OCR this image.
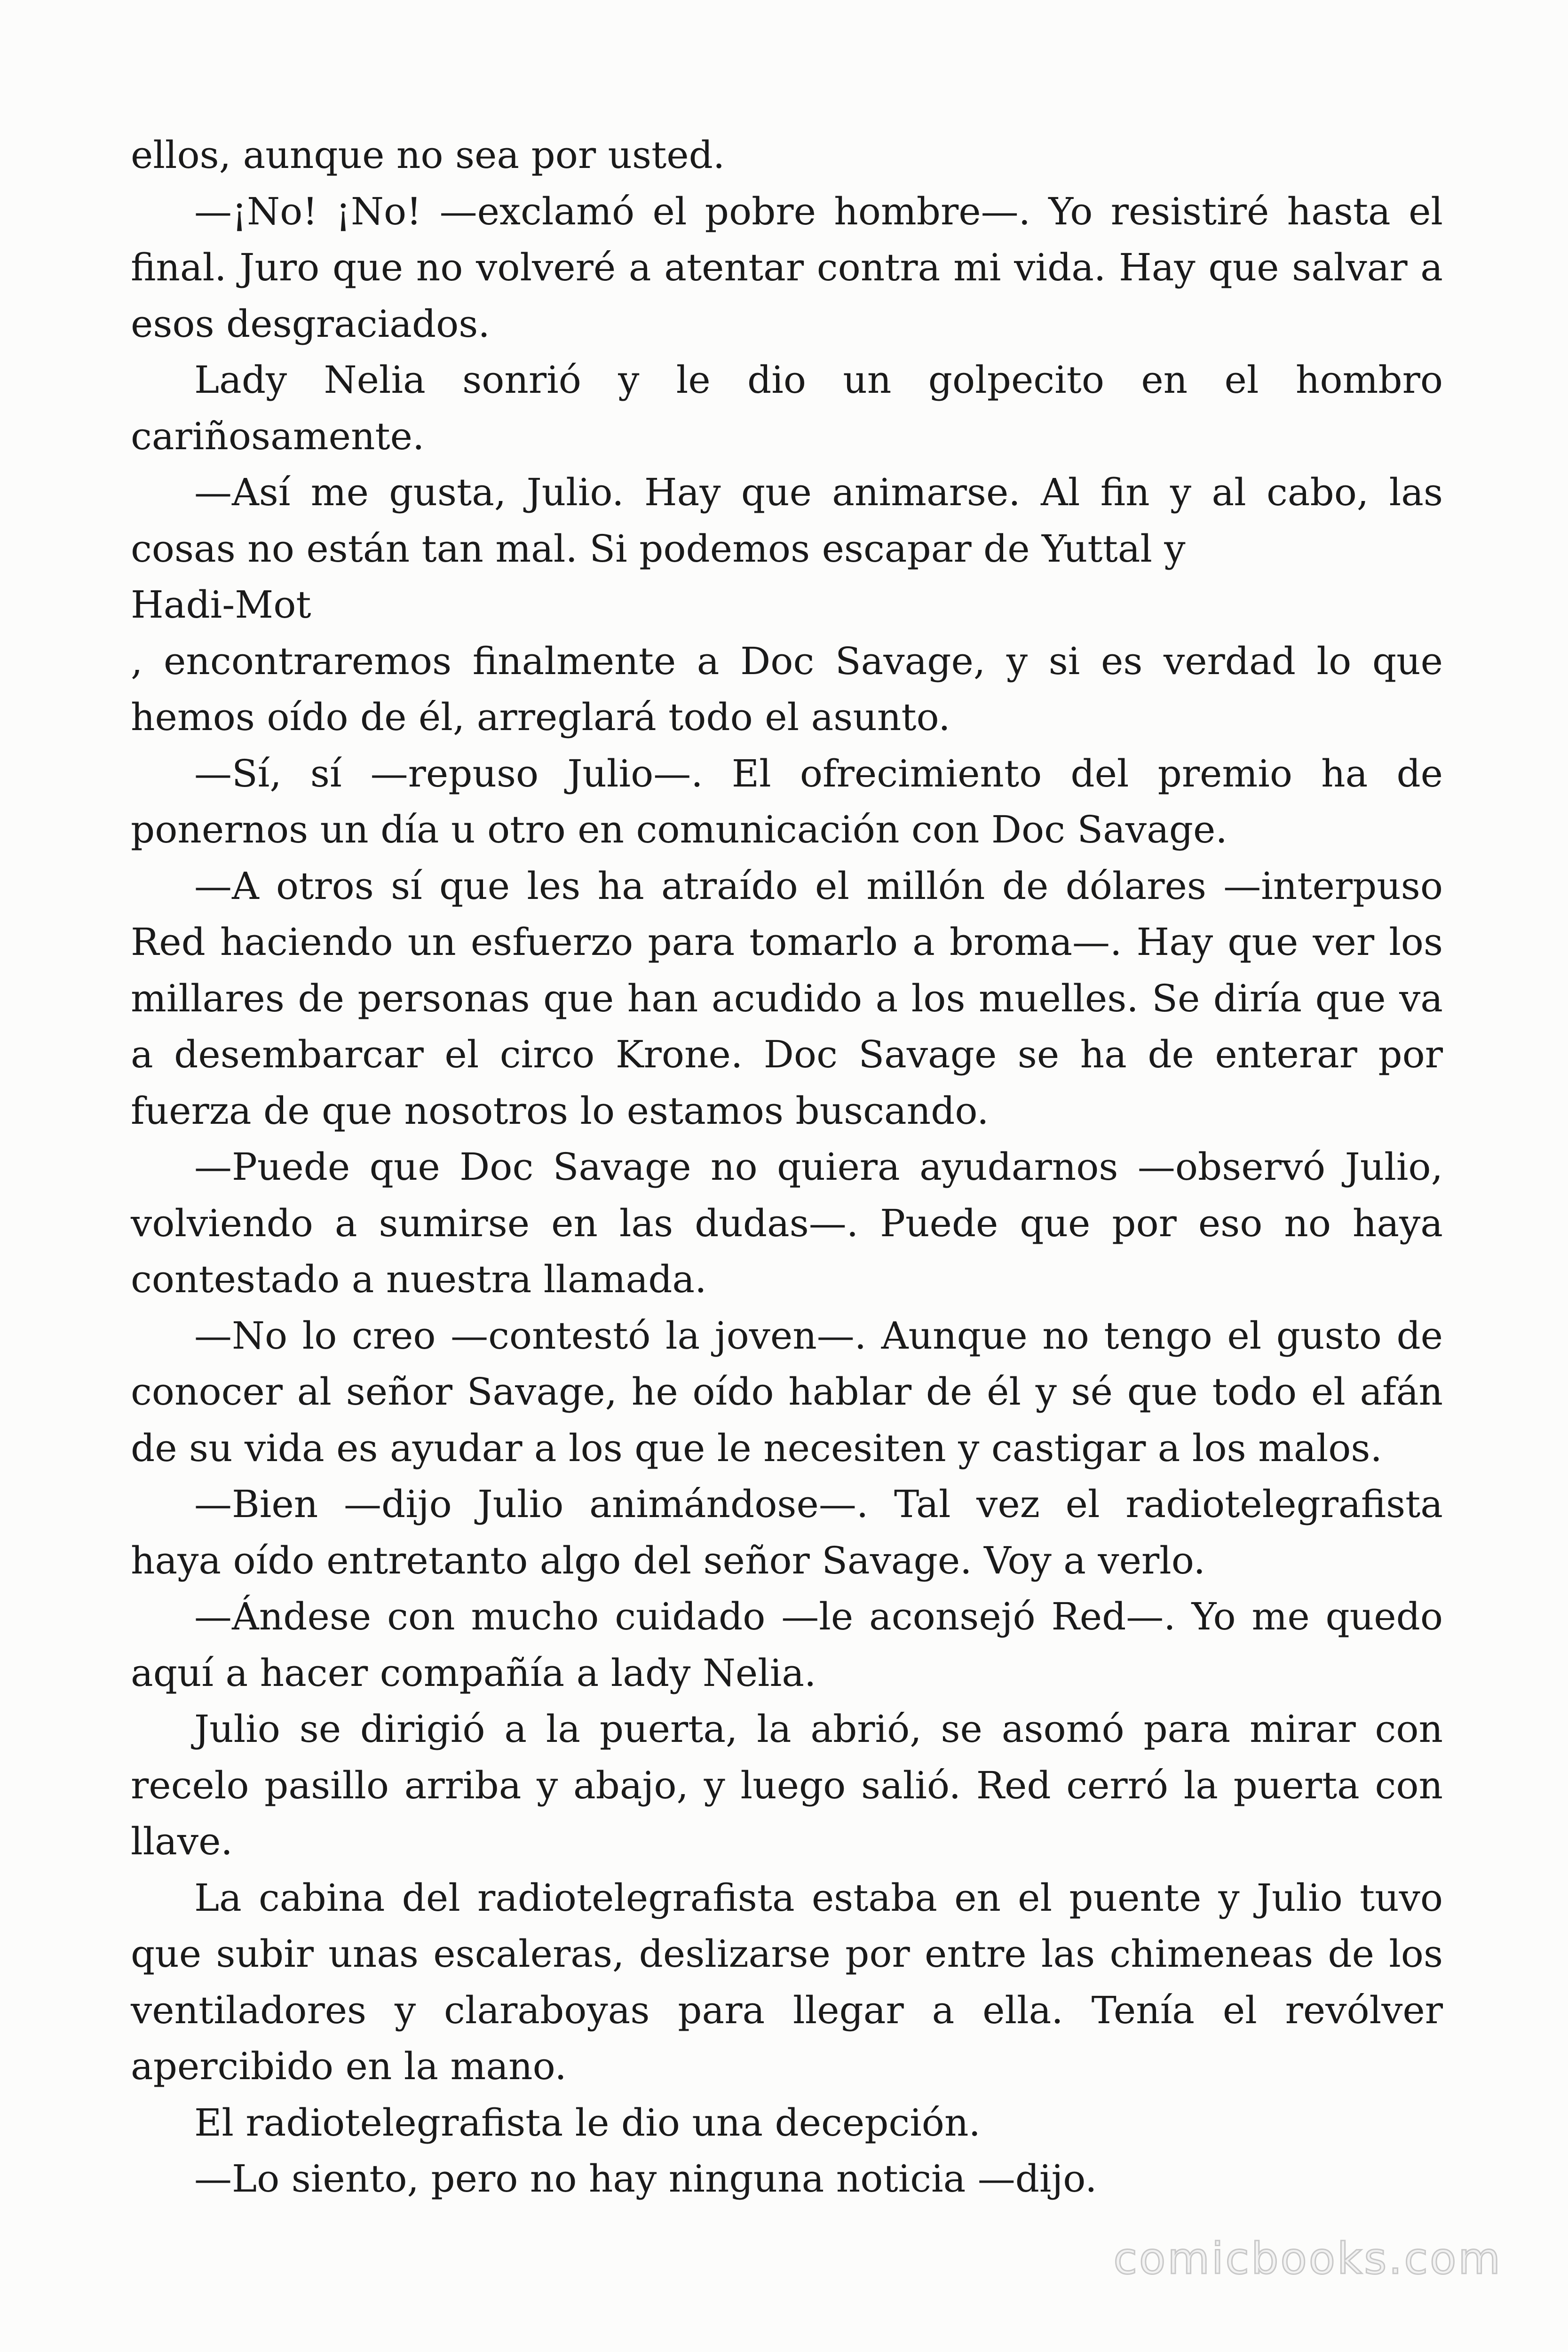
ellos, aunque no sea por usted.

—¡No! ¡No! —exclamó el pobre hombre—. Yo resistiré hasta el final. Juro que no volveré a atentar contra mi vida. Hay que salvar a esos desgraciados.

Lady Nelia sonrió y le dio un golpecito en el hombro cariñosamente.

—Así me gusta, Julio. Hay que animarse. Al fin y al cabo, las cosas no están tan mal. Si podemos escapar de Yuttal y

Hadi-Mot

, encontraremos finalmente a Doc Savage, y si es verdad lo que hemos oído de él, arreglará todo el asunto.

—Sí, sí —repuso Julio—. El ofrecimiento del premio ha de ponernos un día u otro en comunicación con Doc Savage.

—A otros sí que les ha atraído el millón de dólares —interpuso Red haciendo un esfuerzo para tomarlo a broma—. Hay que ver los millares de personas que han acudido a los muelles. Se diría que va a desembarcar el circo Krone. Doc Savage se ha de enterar por fuerza de que nosotros lo estamos buscando.

—Puede que Doc Savage no quiera ayudarnos —observó Julio, volviendo a sumirse en las dudas—. Puede que por eso no haya contestado a nuestra llamada.

—No lo creo —contestó la joven—. Aunque no tengo el gusto de conocer al señor Savage, he oído hablar de él y sé que todo el afán de su vida es ayudar a los que le necesiten y castigar a los malos.

—Bien —dijo Julio animándose—. Tal vez el radiotelegrafista haya oído entretanto algo del señor Savage. Voy a verlo.

—Ándese con mucho cuidado —le aconsejó Red—. Yo me quedo aquí a hacer compañía a lady Nelia.

Julio se dirigió a la puerta, la abrió, se asomó para mirar con recelo pasillo arriba y abajo, y luego salió. Red cerró la puerta con llave.

La cabina del radiotelegrafista estaba en el puente y Julio tuvo que subir unas escaleras, deslizarse por entre las chimeneas de los ventiladores y claraboyas para llegar a ella. Tenía el revólver apercibido en la mano.

El radiotelegrafista le dio una decepción.

—Lo siento, pero no hay ninguna noticia —dijo.

comicbooks.com
